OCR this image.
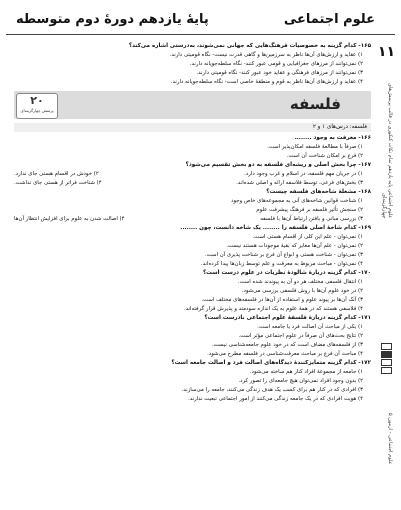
علوم اجتماعی
پایهٔ یازدهم دورهٔ دوم متوسطه
۱۱
علوم اجتماعی پایه یازدهم تمام نکات کنکوری در قالب پرسش‌های چهارگزینه‌ای
۱۶۵- کدام گزینه به خصوصیات فرهنگ‌هایی که جهانی نمی‌شوند، به‌درستی اشاره می‌کند؟
۱) عقاید و ارزش‌های آن‌ها ناظر به سرزمین‌ها و گاهی قدرت نیست- نگاه قومیتی دارند.
۲) نمی‌توانند از مرزهای جغرافیایی و قومی عبور کنند- نگاه سلطه‌جویانه دارند.
۳) نمی‌توانند از مرزهای فرهنگی و عقاید خود عبور کنند- نگاه قومیتی دارند.
۴) عقاید و ارزش‌های آن‌ها ناظر به قوم و منطقهٔ خاصی است- نگاه سلطه‌جویانه دارند.
فلسفه
۲۰
پرسش چهارگزینه‌ای
فلسفه: درس‌های ۱ و ۲
۱۶۶- معرفت به وجود ........
۱) صرفاً با مطالعهٔ فلسفه امکان‌پذیر است.
۲) فرع بر امکان شناخت آن است.
۱۶۷- چرا بخش اصلی و ریشه‌ای فلسفه به دو بخش تقسیم می‌شود؟
۱) در جریان مهم فلسفه، در اسلام و غرب وجود دارد.
۲) خودش در اقسام هستی جای ندارد.
۳) بخش‌های فرعی، توسط فلاسفه ارائه و اصلی شده‌اند.
۴) شناخت فراتر از هستی جای نداشت.
۱۶۸- مشغلهٔ شاخه‌های فلسفه چیست؟
۱) شناخت قوانین شاخه‌های آنی به مجموعه‌های خاص وجود
۲) سنجش تأثیر فلسفه بر فرهنگ پیشرفت علوم
۳) بررسی مبانی و بافتن ارتباط آن‌ها با فلسفه
۴) اصالت شدن به علوم برای افزایش انتظار آن‌ها
۱۶۹- کدام شاخهٔ اصلی فلسفه را ........ یک شاخه دانست، چون ........
۱) نمی‌توان - علم این کلی از اقسام هستی است.
۲) نمی‌توان - علم آن‌ها مغایر که بقیهٔ موجودات هستند نیست.
۳) نمی‌توان - شناخت هستی و انواع آن فرع بر شناخت پذیری آن است.
۴) نمی‌توان - مباحث مربوط به معرفت و علم توسط زبان‌ها پیدا کرده‌اند.
۱۷۰- کدام گزینه دربارهٔ شالودهٔ نظریات در علوم درست است؟
۱) انتقال فلسفی مختلف هر دو آن به پیوندند شده است.
۲) در خود علوم آن‌ها با روش فلسفی بررسی می‌شود.
۳) آنک آن‌ها بر پیوند علوم و استفاده از آن‌ها در فلسفه‌های مختلف است.
۴) فلاسفی هستند که در همهٔ علوم به یک اندازه سودمند و پذیرش قرار گرفته‌اند.
۱۷۱- کدام گزینه دربارهٔ فلسفهٔ علوم اجتماعی نادرست است؟
۱) یکی از مباحث آن اصالت فرد یا جامعه است.
۲) نتایج بحث‌های آن صرفاً در علوم اجتماعی مؤثر است.
۳) از فلسفه‌های مضاف است که در خود علوم جامعه‌شناسی نیست.
۴) مباحث آن فرع بر مباحث معرفت‌شناسی در فلسفه مطرح می‌شود.
۱۷۲- کدام گزینه متمایزکنندهٔ دیدگاه‌های اصالت فرد و اصالت جامعه است؟
۱) جامعه از مجموعهٔ افراد کنار هم ساخته می‌شود.
۲) بدون وجود افراد نمی‌توان هیچ جامعه‌ای را تصور کرد.
۳) افرادی که در کنار هم برای کسب یک هدف زندگی می‌کنند، جامعه را می‌سازند.
۴) هویت افرادی که در یک جامعه زندگی می‌کنند از امور اجتماعی تبعیت ندارند.
علوم اجتماعی - آزمون ۵
